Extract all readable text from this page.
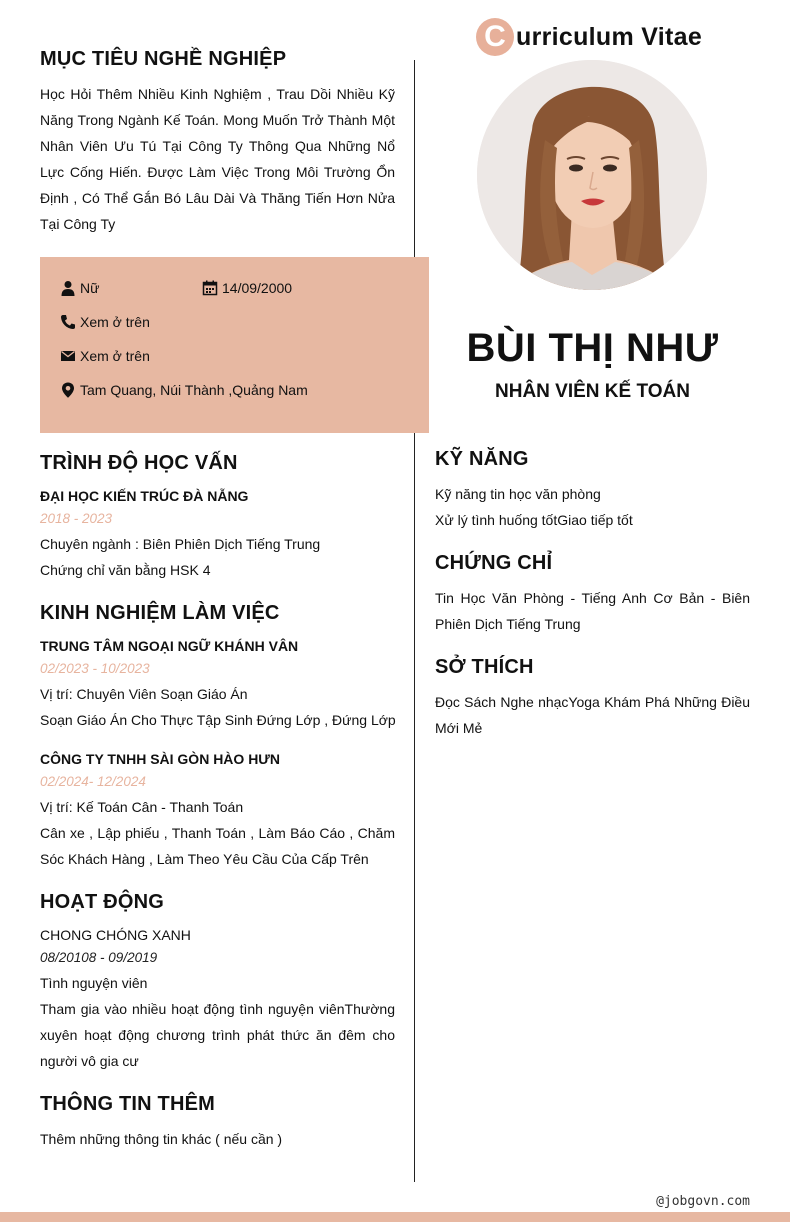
MỤC TIÊU NGHỀ NGHIỆP
Học Hỏi Thêm Nhiều Kinh Nghiệm , Trau Dồi Nhiều Kỹ Năng Trong Ngành Kế Toán. Mong Muốn Trở Thành Một Nhân Viên Ưu Tú Tại Công Ty Thông Qua Những Nổ Lực Cống Hiến. Được Làm Việc Trong Môi Trường Ổn Định , Có Thể Gắn Bó Lâu Dài Và Thăng Tiến Hơn Nửa Tại Công Ty
Nữ	14/09/2000
Xem ở trên
Xem ở trên
Tam Quang, Núi Thành ,Quảng Nam
TRÌNH ĐỘ HỌC VẤN
ĐẠI HỌC KIẾN TRÚC ĐÀ NẴNG
2018 - 2023
Chuyên ngành : Biên Phiên Dịch Tiếng Trung
Chứng chỉ văn bằng HSK 4
KINH NGHIỆM LÀM VIỆC
TRUNG TÂM NGOẠI NGỮ KHÁNH VÂN
02/2023 - 10/2023
Vị trí: Chuyên Viên Soạn Giáo Án
Soạn Giáo Án Cho Thực Tập Sinh Đứng Lớp , Đứng Lớp
CÔNG TY TNHH SÀI GÒN HÀO HƯN
02/2024- 12/2024
Vị trí: Kế Toán Cân - Thanh Toán
Cân xe , Lập phiếu , Thanh Toán , Làm Báo Cáo , Chăm Sóc Khách Hàng , Làm Theo Yêu Cầu Của Cấp Trên
HOẠT ĐỘNG
CHONG CHÓNG XANH
08/20108 - 09/2019
Tình nguyện viên
Tham gia vào nhiều hoạt động tình nguyện viênThường xuyên hoạt động chương trình phát thức ăn đêm cho người vô gia cư
THÔNG TIN THÊM
Thêm những thông tin khác ( nếu cần )
C urriculum Vitae
BÙI THỊ NHƯ
NHÂN VIÊN KẾ TOÁN
KỸ NĂNG
Kỹ năng tin học văn phòng
Xử lý tình huống tốtGiao tiếp tốt
CHỨNG CHỈ
Tin Học Văn Phòng - Tiếng Anh Cơ Bản - Biên Phiên Dịch Tiếng Trung
SỞ THÍCH
Đọc Sách Nghe nhạcYoga Khám Phá Những Điều Mới Mẻ
@jobgovn.com
